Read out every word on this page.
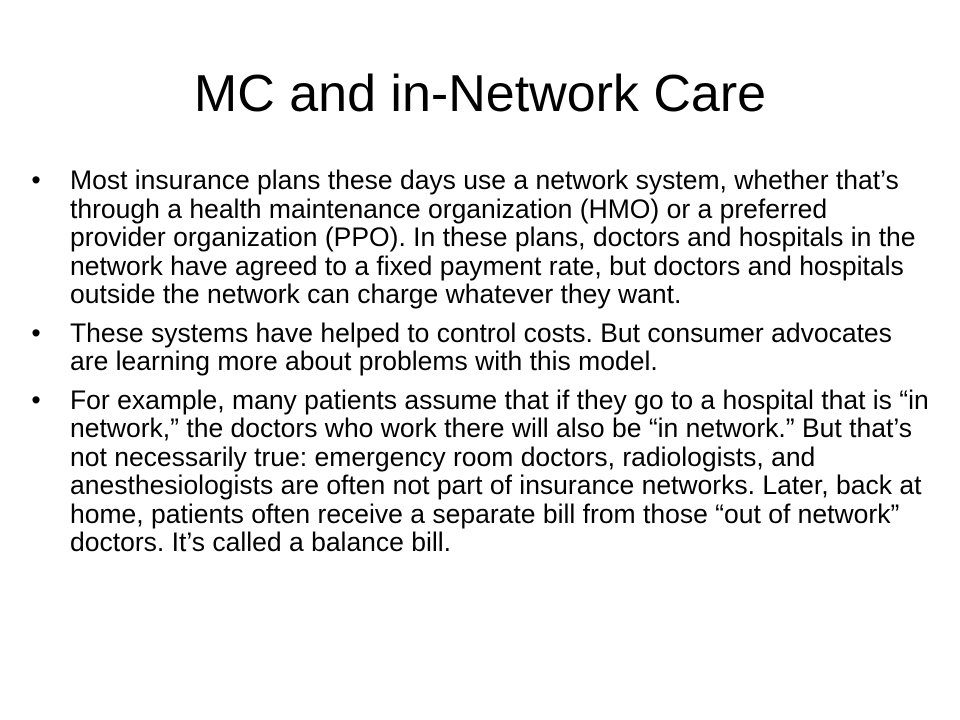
MC and in-Network Care
• Most insurance plans these days use a network system, whether that’s through a health maintenance organization (HMO) or a preferred provider organization (PPO). In these plans, doctors and hospitals in the network have agreed to a fixed payment rate, but doctors and hospitals outside the network can charge whatever they want.
• These systems have helped to control costs. But consumer advocates are learning more about problems with this model.
• For example, many patients assume that if they go to a hospital that is “in network,” the doctors who work there will also be “in network.” But that’s not necessarily true: emergency room doctors, radiologists, and anesthesiologists are often not part of insurance networks. Later, back at home, patients often receive a separate bill from those “out of network” doctors. It’s called a balance bill.
